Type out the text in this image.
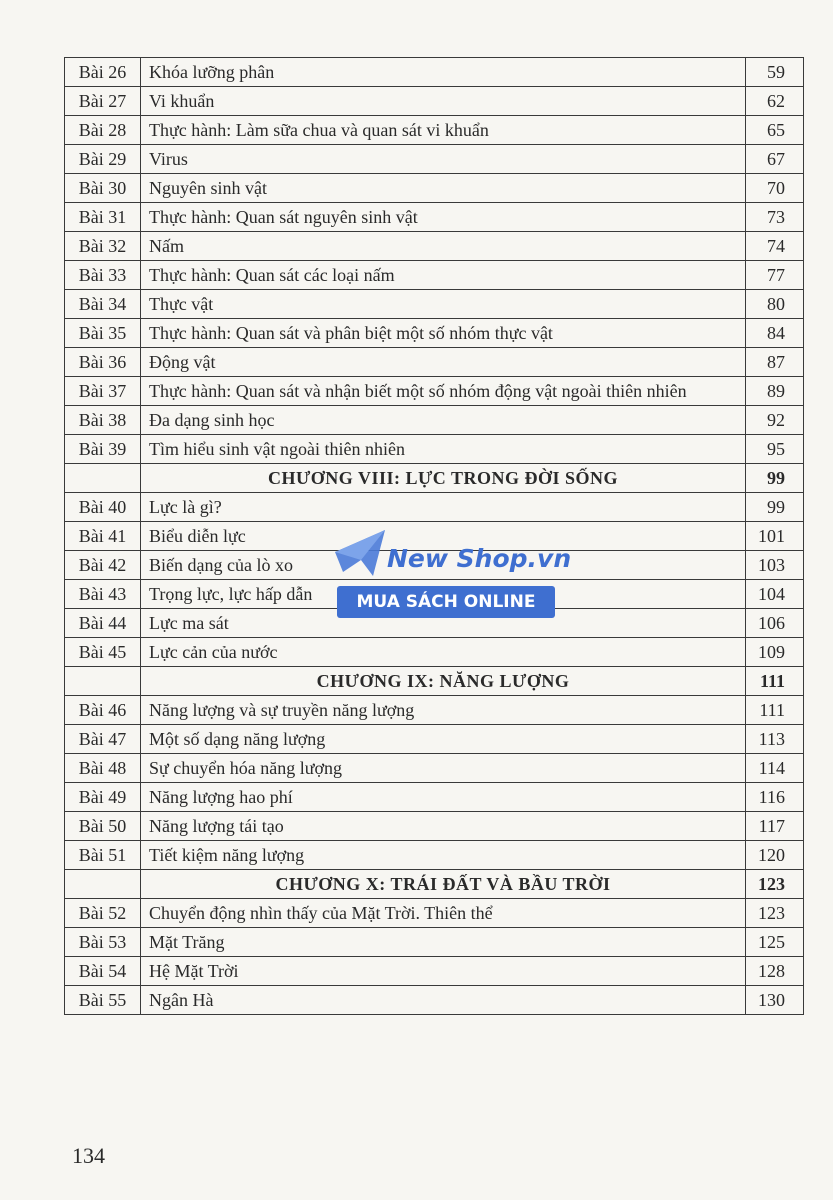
Bài 26	Khóa lưỡng phân	59
Bài 27	Vi khuẩn	62
Bài 28	Thực hành: Làm sữa chua và quan sát vi khuẩn	65
Bài 29	Virus	67
Bài 30	Nguyên sinh vật	70
Bài 31	Thực hành: Quan sát nguyên sinh vật	73
Bài 32	Nấm	74
Bài 33	Thực hành: Quan sát các loại nấm	77
Bài 34	Thực vật	80
Bài 35	Thực hành: Quan sát và phân biệt một số nhóm thực vật	84
Bài 36	Động vật	87
Bài 37	Thực hành: Quan sát và nhận biết một số nhóm động vật ngoài thiên nhiên	89
Bài 38	Đa dạng sinh học	92
Bài 39	Tìm hiểu sinh vật ngoài thiên nhiên	95
	CHƯƠNG VIII: LỰC TRONG ĐỜI SỐNG	99
Bài 40	Lực là gì?	99
Bài 41	Biểu diễn lực	101
Bài 42	Biến dạng của lò xo	103
Bài 43	Trọng lực, lực hấp dẫn	104
Bài 44	Lực ma sát	106
Bài 45	Lực cản của nước	109
	CHƯƠNG IX: NĂNG LƯỢNG	111
Bài 46	Năng lượng và sự truyền năng lượng	111
Bài 47	Một số dạng năng lượng	113
Bài 48	Sự chuyển hóa năng lượng	114
Bài 49	Năng lượng hao phí	116
Bài 50	Năng lượng tái tạo	117
Bài 51	Tiết kiệm năng lượng	120
	CHƯƠNG X: TRÁI ĐẤT VÀ BẦU TRỜI	123
Bài 52	Chuyển động nhìn thấy của Mặt Trời. Thiên thể	123
Bài 53	Mặt Trăng	125
Bài 54	Hệ Mặt Trời	128
Bài 55	Ngân Hà	130
New Shop.vn
MUA SÁCH ONLINE
134
